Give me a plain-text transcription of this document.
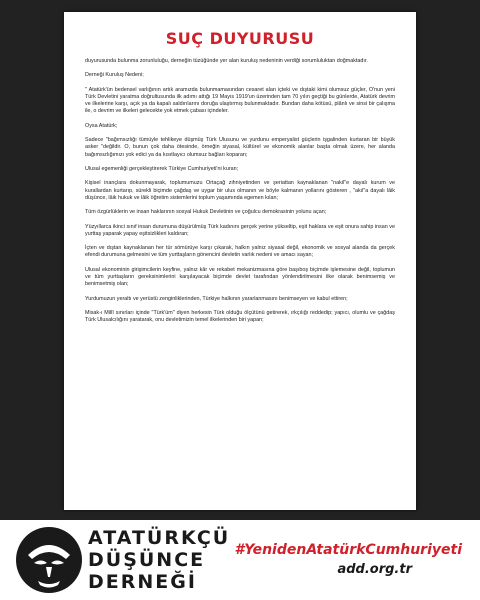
SUÇ DUYURUSU

duyurusunda bulunma zorunluluğu, derneğin tüzüğünde yer alan kuruluş nedeninin verdiği sorumluluktan doğmaktadır.

Derneği Kuruluş Nedeni;

" Atatürk'ün bedensel varlığının artık aramızda bulunmamasından cesaret alan içteki ve dıştaki kimi olumsuz güçler, O'nun yeni Türk Devletini yaratma doğrultusunda ilk adımı attığı 19 Mayıs 1919'un üzerinden tam 70 yılın geçtiği bu günlerde, Atatürk devrim ve ilkelerine karşı, açık ya da kapalı saldırılarını doruğa ulaştırmış bulunmaktadır. Bundan daha kötüsü, plânlı ve sinsi bir çalışma ile, o devrim ve ilkeleri gelecekte yok etmek çabası içindeler.

Oysa Atatürk;

Sadece "bağımsızlığı tümüyle tehlikeye düşmüş Türk Ulusunu ve yurdunu emperyalist güçlerin işgalinden kurtaran bir büyük asker "değildir. O, bunun çok daha ötesinde, örneğin siyasal, kültürel ve ekonomik alanlar başta olmak üzere, her alanda bağımsızlığımızı yok edici ya da kısıtlayıcı olumsuz bağları koparan;

Ulusal egemenliği gerçekleştirerek Türkiye Cumhuriyeti'ni kuran;

Kişisel inançlara dokunmayarak, toplumumuzu Ortaçağ zihniyetinden ve şeriattan kaynaklanan "nakil"e dayalı kurum ve kurallardan kurtarıp, sürekli biçimde çağdaş ve uygar bir ulus olmanın ve böyle kalmanın yollarını gösteren , "akıl"a dayalı lâik düşünce, lâik hukuk ve lâik öğretim sistemlerini toplum yaşamında egemen kılan;

Tüm özgürlüklerin ve insan haklarının sosyal Hukuk Devletinin ve çoğulcu demokrasinin yolunu açan;

Yüzyıllarca ikinci sınıf insan durumuna düşürülmüş Türk kadınını gerçek yerine yükseltip, eşit haklara ve eşit onura sahip insan ve yurttaş yaparak yapay eşitsizlikleri kaldıran;

İçten ve dıştan kaynaklanan her tür sömürüye karşı çıkarak, halkın yalnız siyasal değil, ekonomik ve sosyal alanda da gerçek efendi durumuna gelmesini ve tüm yurttaşların gönencini devletin varlık nedeni ve amacı sayan;

Ulusal ekonominin girişimcilerin keyfine, yalnız kâr ve rekabet mekanizmasına göre başıboş biçimde işlemesine değil, toplumun ve tüm yurttaşların gereksinimlerini karşılayacak biçimde devlet tarafından yönlendirilmesini ilke olarak benimsemiş ve benimsetmiş olan;

Yurdumuzun yeraltı ve yerüstü zenginliklerinden, Türkiye halkının yararlanmasını benimseyen ve kabul ettiren;

Misak-ı Millî sınırları içinde "Türk'üm" diyen herkesin Türk olduğu ölçütünü getirerek, ırkçılığı reddedip; yapıcı, olumlu ve çağdaş Türk Ulusalcılığını yaratarak, onu devletimizin temel ilkelerinden biri yapan;

ATATÜRKÇÜ
DÜŞÜNCE
DERNEĞİ
#YenidenAtatürkCumhuriyeti
add.org.tr
